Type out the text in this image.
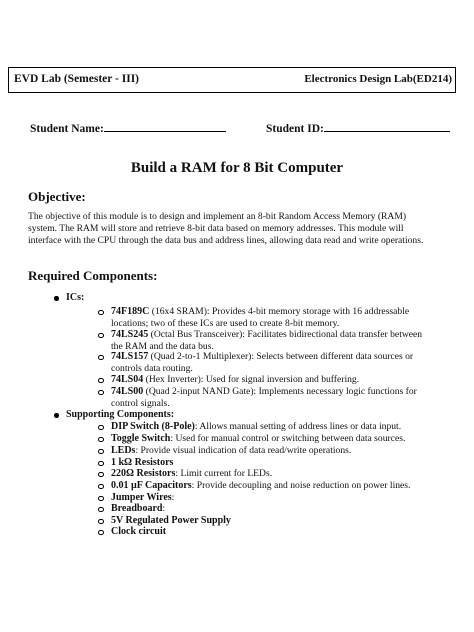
EVD Lab (Semester - III)	Electronics Design Lab(ED214)
Student Name:	Student ID:
Build a RAM for 8 Bit Computer
Objective:
The objective of this module is to design and implement an 8-bit Random Access Memory (RAM) system. The RAM will store and retrieve 8-bit data based on memory addresses. This module will interface with the CPU through the data bus and address lines, allowing data read and write operations.
Required Components:
ICs:
74F189C (16x4 SRAM): Provides 4-bit memory storage with 16 addressable locations; two of these ICs are used to create 8-bit memory.
74LS245 (Octal Bus Transceiver): Facilitates bidirectional data transfer between the RAM and the data bus.
74LS157 (Quad 2-to-1 Multiplexer): Selects between different data sources or controls data routing.
74LS04 (Hex Inverter): Used for signal inversion and buffering.
74LS00 (Quad 2-input NAND Gate): Implements necessary logic functions for control signals.
Supporting Components:
DIP Switch (8-Pole): Allows manual setting of address lines or data input.
Toggle Switch: Used for manual control or switching between data sources.
LEDs: Provide visual indication of data read/write operations.
1 kΩ Resistors
220Ω Resistors: Limit current for LEDs.
0.01 µF Capacitors: Provide decoupling and noise reduction on power lines.
Jumper Wires:
Breadboard:
5V Regulated Power Supply
Clock circuit
